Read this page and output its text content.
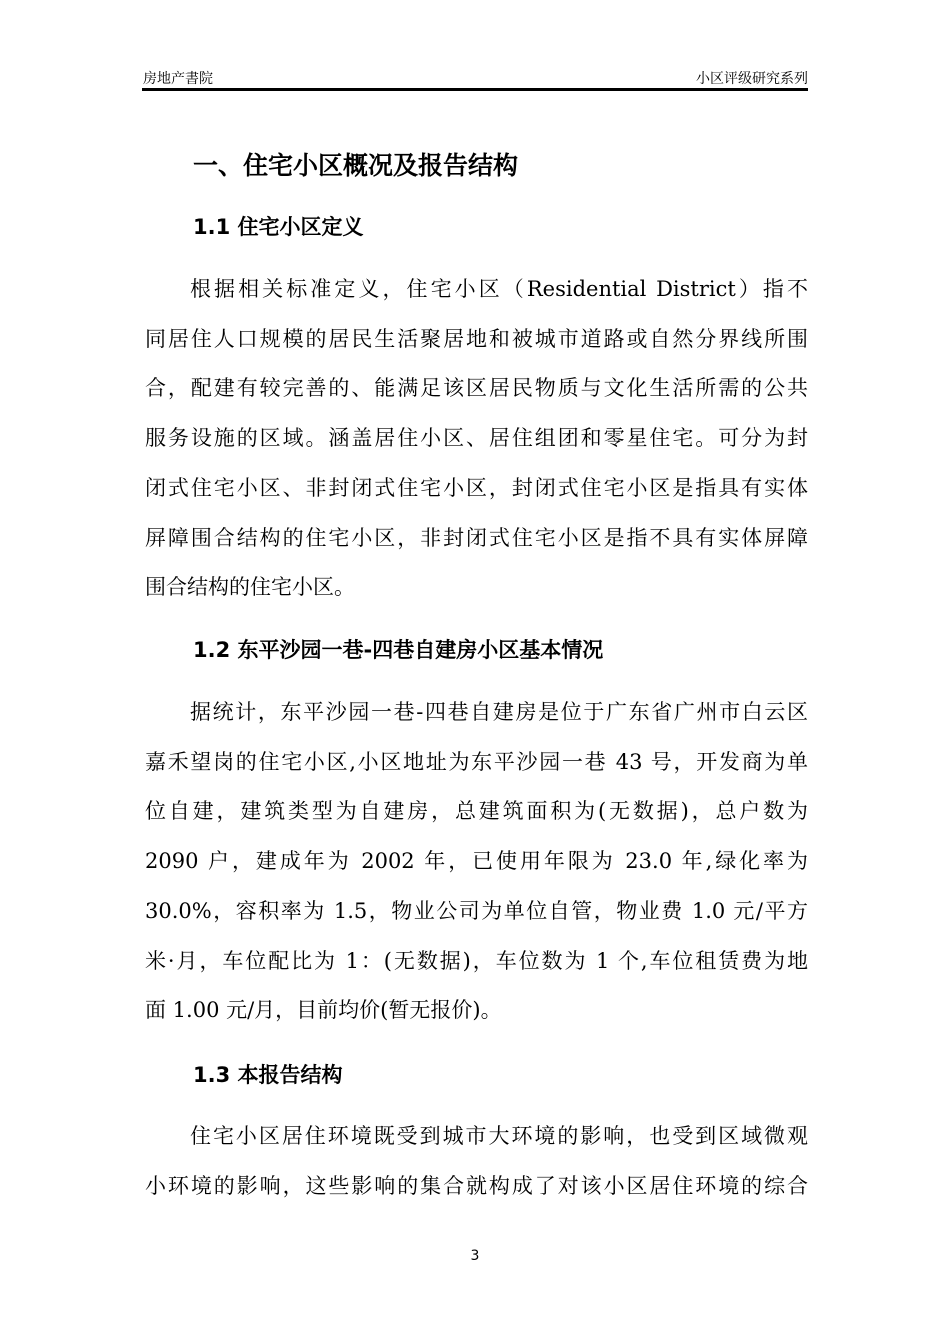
房地产書院	小区评级研究系列
一、住宅小区概况及报告结构
1.1 住宅小区定义
根据相关标准定义，住宅小区（Residential District）指不
同居住人口规模的居民生活聚居地和被城市道路或自然分界线所围
合，配建有较完善的、能满足该区居民物质与文化生活所需的公共
服务设施的区域。涵盖居住小区、居住组团和零星住宅。可分为封
闭式住宅小区、非封闭式住宅小区，封闭式住宅小区是指具有实体
屏障围合结构的住宅小区，非封闭式住宅小区是指不具有实体屏障
围合结构的住宅小区。
1.2 东平沙园一巷-四巷自建房小区基本情况
据统计，东平沙园一巷-四巷自建房是位于广东省广州市白云区
嘉禾望岗的住宅小区,小区地址为东平沙园一巷 43 号，开发商为单
位自建，建筑类型为自建房，总建筑面积为(无数据)，总户数为
2090 户，建成年为 2002 年，已使用年限为 23.0 年,绿化率为
30.0%，容积率为 1.5，物业公司为单位自管，物业费 1.0 元/平方
米·月，车位配比为 1：(无数据)，车位数为 1 个,车位租赁费为地
面 1.00 元/月，目前均价(暂无报价)。
1.3 本报告结构
住宅小区居住环境既受到城市大环境的影响，也受到区域微观
小环境的影响，这些影响的集合就构成了对该小区居住环境的综合
3
